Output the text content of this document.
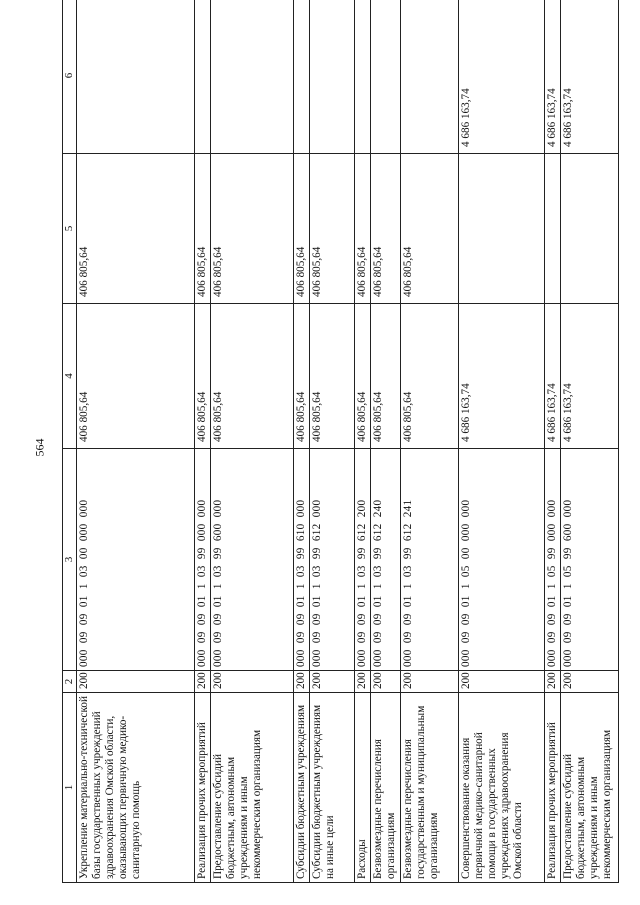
564
1	2	3	4	5	6
Укрепление материально-технической базы государственных учреждений здравоохранения Омской области, оказывающих первичную медико-санитарную помощь	200	000  09  09  01  1  03  00  000  000	406 805,64	406 805,64	
Реализация прочих мероприятий	200	000  09  09  01  1  03  99  000  000	406 805,64	406 805,64	
Предоставление субсидий бюджетным, автономным учреждениям и иным некоммерческим организациям	200	000  09  09  01  1  03  99  600  000	406 805,64	406 805,64	
Субсидии бюджетным учреждениям	200	000  09  09  01  1  03  99  610  000	406 805,64	406 805,64	
Субсидии бюджетным учреждениям на иные цели	200	000  09  09  01  1  03  99  612  000	406 805,64	406 805,64	
Расходы	200	000  09  09  01  1  03  99  612  200	406 805,64	406 805,64	
Безвозмездные перечисления организациям	200	000  09  09  01  1  03  99  612  240	406 805,64	406 805,64	
Безвозмездные перечисления государственным и муниципальным организациям	200	000  09  09  01  1  03  99  612  241	406 805,64	406 805,64	
Совершенствование оказания первичной медико-санитарной помощи в государственных учреждениях здравоохранения Омской области	200	000  09  09  01  1  05  00  000  000	4 686 163,74		4 686 163,74
Реализация прочих мероприятий	200	000  09  09  01  1  05  99  000  000	4 686 163,74		4 686 163,74
Предоставление субсидий бюджетным, автономным учреждениям и иным некоммерческим организациям	200	000  09  09  01  1  05  99  600  000	4 686 163,74		4 686 163,74
